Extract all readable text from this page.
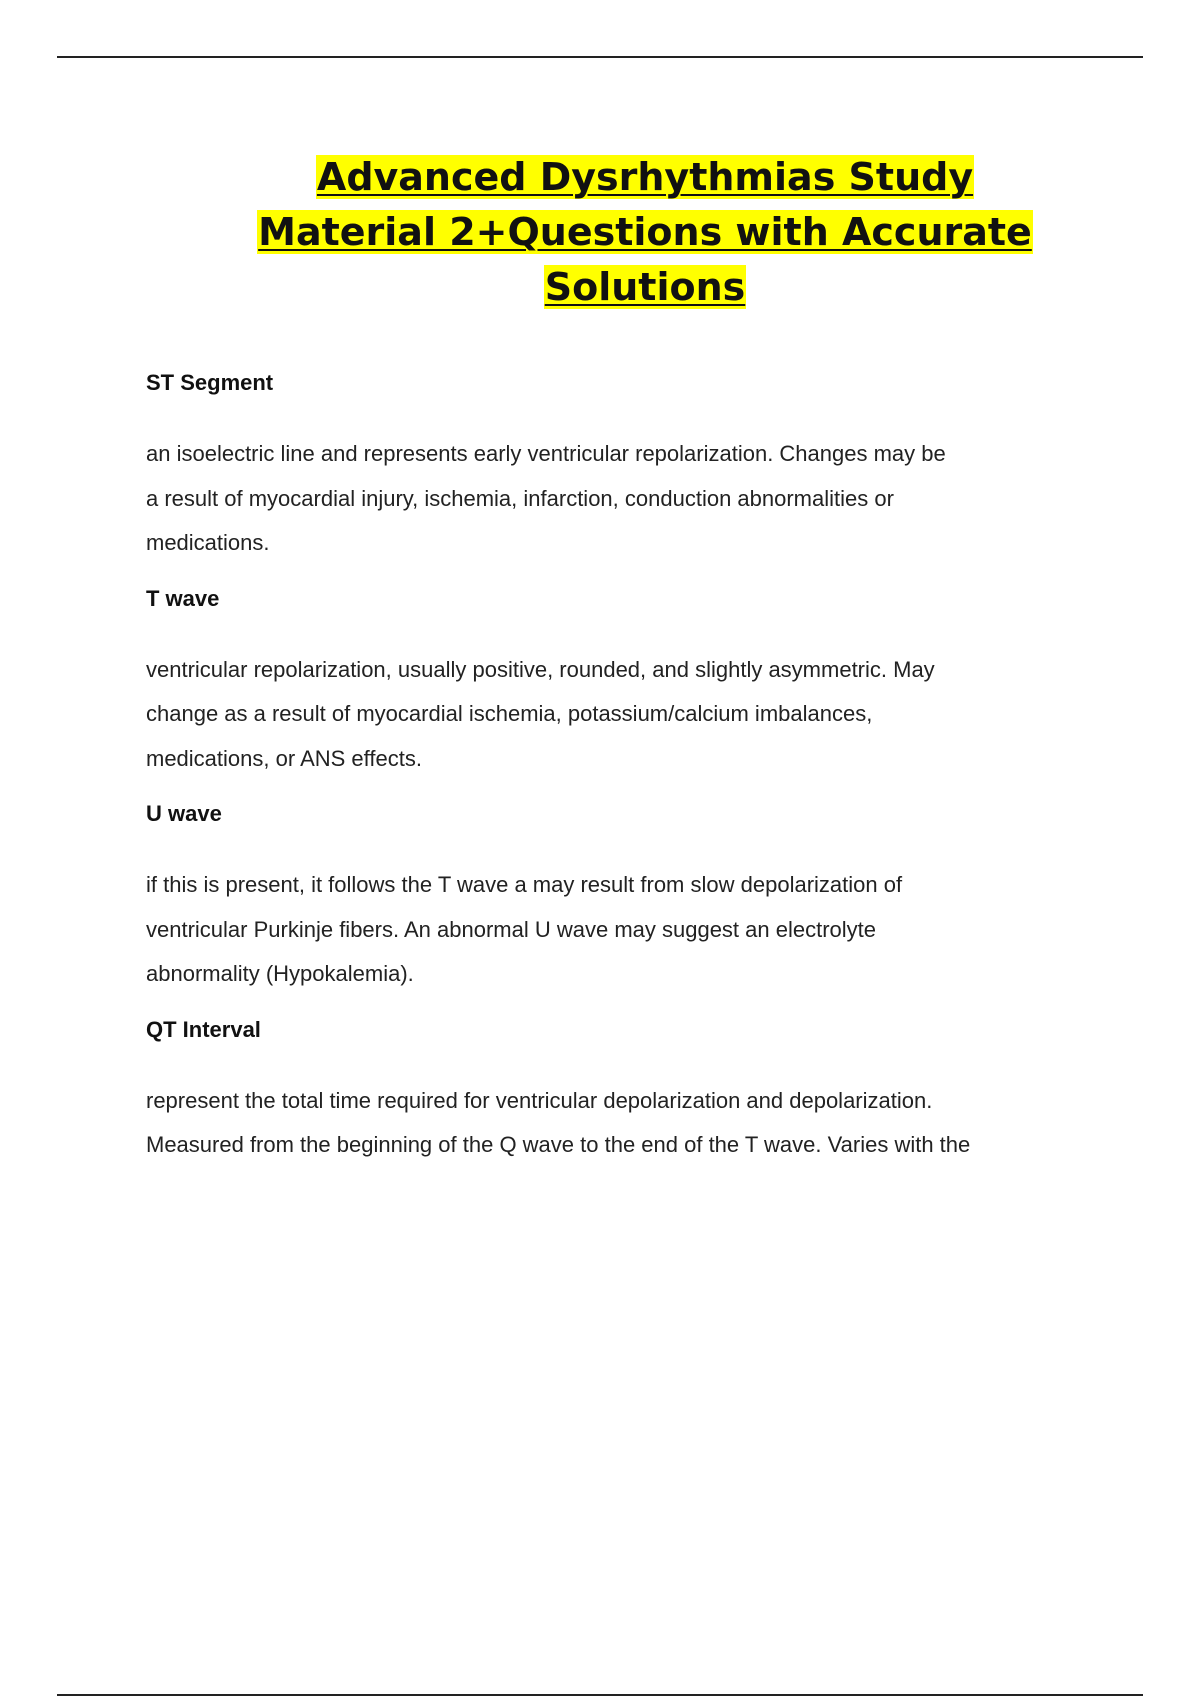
Advanced Dysrhythmias Study
Material 2+Questions with Accurate
Solutions

ST Segment

an isoelectric line and represents early ventricular repolarization. Changes may be
a result of myocardial injury, ischemia, infarction, conduction abnormalities or
medications.

T wave

ventricular repolarization, usually positive, rounded, and slightly asymmetric. May
change as a result of myocardial ischemia, potassium/calcium imbalances,
medications, or ANS effects.

U wave

if this is present, it follows the T wave a may result from slow depolarization of
ventricular Purkinje fibers. An abnormal U wave may suggest an electrolyte
abnormality (Hypokalemia).

QT Interval

represent the total time required for ventricular depolarization and depolarization.
Measured from the beginning of the Q wave to the end of the T wave. Varies with the
